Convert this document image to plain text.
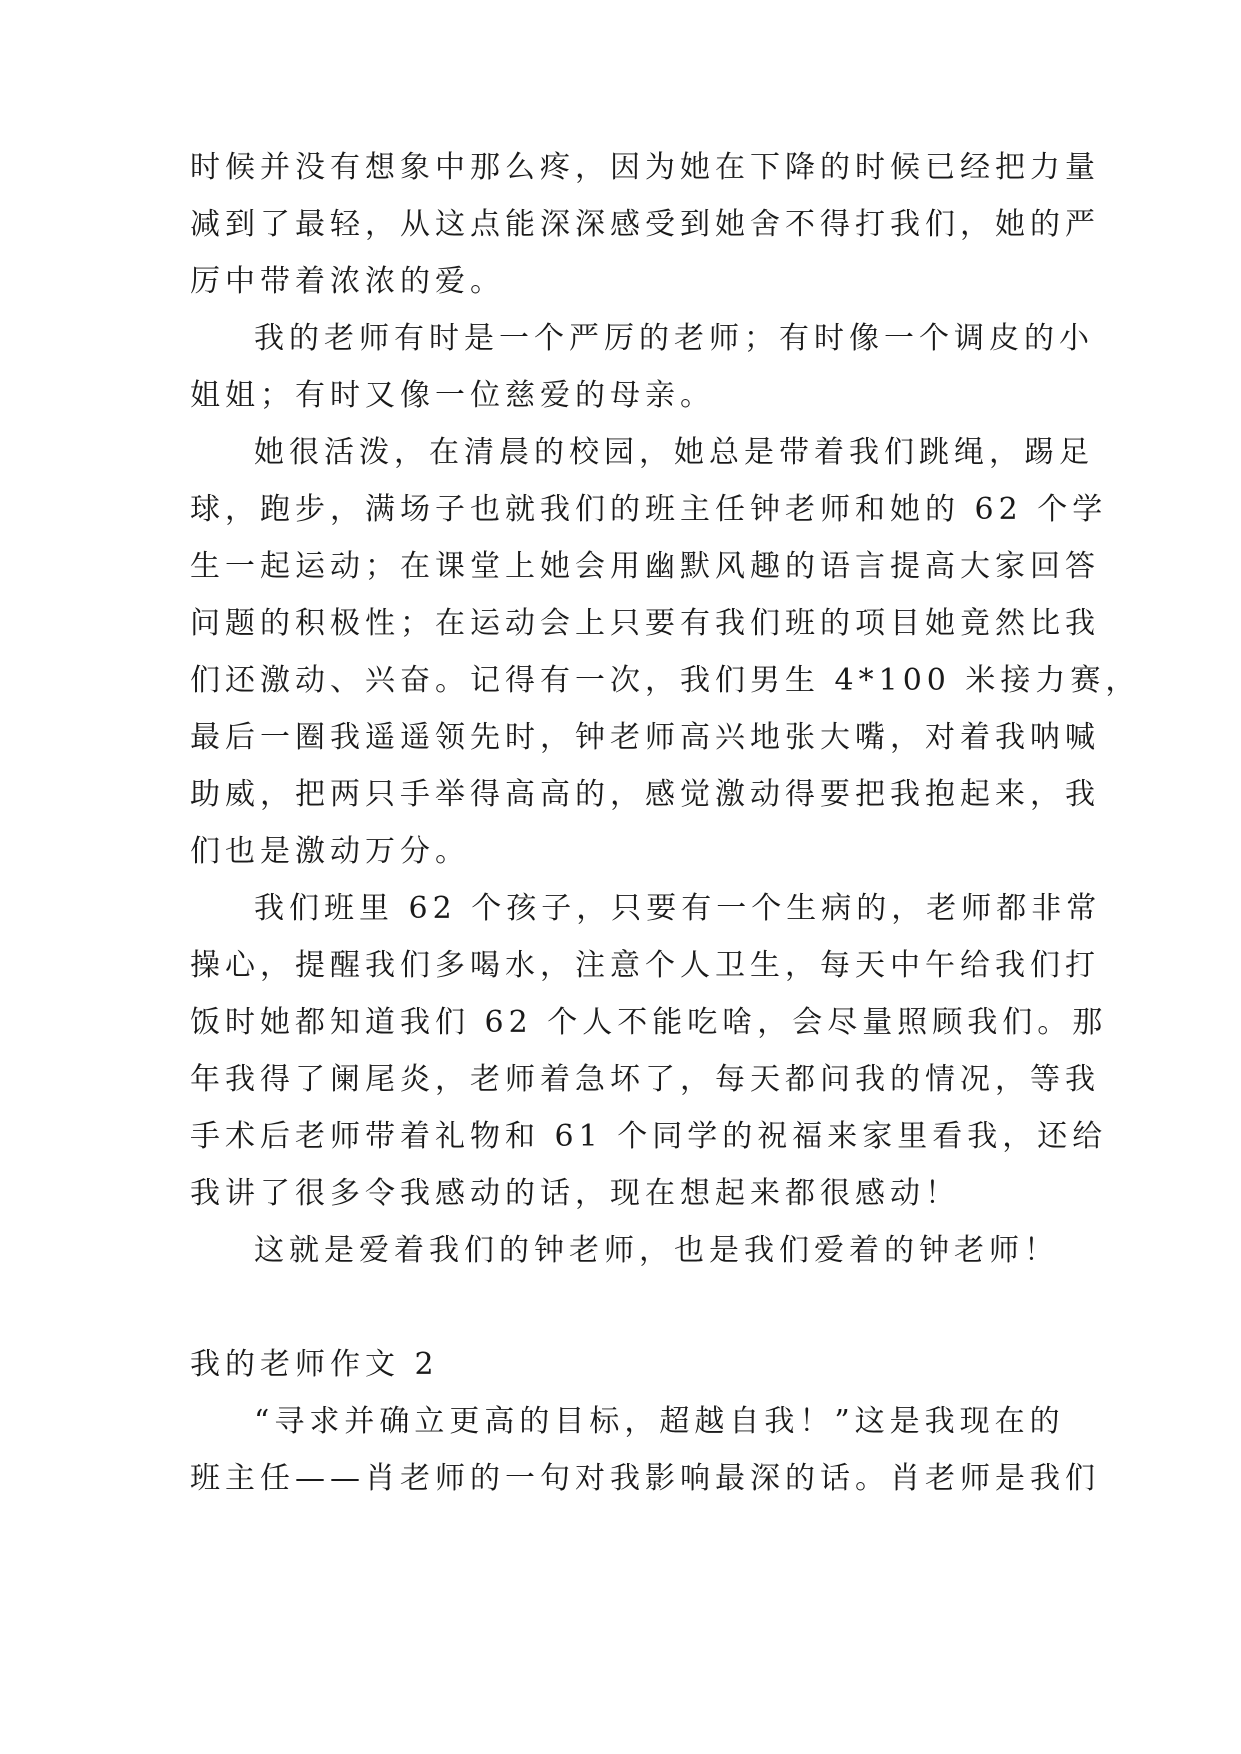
时候并没有想象中那么疼，因为她在下降的时候已经把力量
减到了最轻，从这点能深深感受到她舍不得打我们，她的严
厉中带着浓浓的爱。
我的老师有时是一个严厉的老师；有时像一个调皮的小
姐姐；有时又像一位慈爱的母亲。
她很活泼，在清晨的校园，她总是带着我们跳绳，踢足
球，跑步，满场子也就我们的班主任钟老师和她的 62 个学
生一起运动；在课堂上她会用幽默风趣的语言提高大家回答
问题的积极性；在运动会上只要有我们班的项目她竟然比我
们还激动、兴奋。记得有一次，我们男生 4*100 米接力赛，
最后一圈我遥遥领先时，钟老师高兴地张大嘴，对着我呐喊
助威，把两只手举得高高的，感觉激动得要把我抱起来，我
们也是激动万分。
我们班里 62 个孩子，只要有一个生病的，老师都非常
操心，提醒我们多喝水，注意个人卫生，每天中午给我们打
饭时她都知道我们 62 个人不能吃啥，会尽量照顾我们。那
年我得了阑尾炎，老师着急坏了，每天都问我的情况，等我
手术后老师带着礼物和 61 个同学的祝福来家里看我，还给
我讲了很多令我感动的话，现在想起来都很感动！
这就是爱着我们的钟老师，也是我们爱着的钟老师！
我的老师作文 2
“寻求并确立更高的目标，超越自我！”这是我现在的
班主任——肖老师的一句对我影响最深的话。肖老师是我们
